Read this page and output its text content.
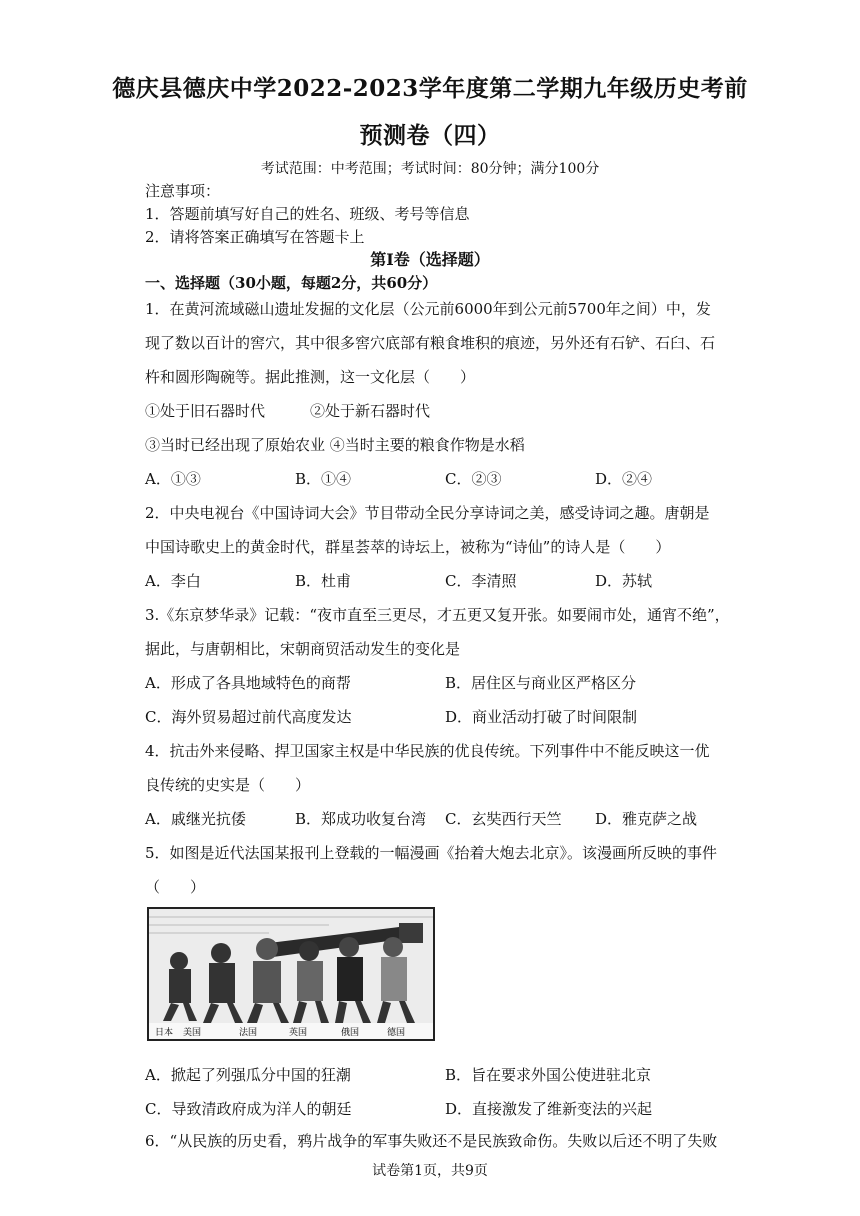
德庆县德庆中学2022-2023学年度第二学期九年级历史考前
预测卷（四）
考试范围：中考范围；考试时间：80分钟；满分100分
注意事项：
1．答题前填写好自己的姓名、班级、考号等信息
2．请将答案正确填写在答题卡上
第I卷（选择题）
一、选择题（30小题，每题2分，共60分）
1．在黄河流域磁山遗址发掘的文化层（公元前6000年到公元前5700年之间）中，发
现了数以百计的窖穴，其中很多窖穴底部有粮食堆积的痕迹，另外还有石铲、石臼、石
杵和圆形陶碗等。据此推测，这一文化层（　　）
①处于旧石器时代	②处于新石器时代
③当时已经出现了原始农业 ④当时主要的粮食作物是水稻
A．①③	B．①④	C．②③	D．②④
2．中央电视台《中国诗词大会》节目带动全民分享诗词之美，感受诗词之趣。唐朝是
中国诗歌史上的黄金时代，群星荟萃的诗坛上，被称为“诗仙”的诗人是（　　）
A．李白	B．杜甫	C．李清照	D．苏轼
3.《东京梦华录》记载：“夜市直至三更尽，才五更又复开张。如要闹市处，通宵不绝”，
据此，与唐朝相比，宋朝商贸活动发生的变化是
A．形成了各具地域特色的商帮	B．居住区与商业区严格区分
C．海外贸易超过前代高度发达	D．商业活动打破了时间限制
4．抗击外来侵略、捍卫国家主权是中华民族的优良传统。下列事件中不能反映这一优
良传统的史实是（　　）
A．戚继光抗倭	B．郑成功收复台湾 C．玄奘西行天竺 D．雅克萨之战
5．如图是近代法国某报刊上登载的一幅漫画《抬着大炮去北京》。该漫画所反映的事件
（　　）
日本 美国	法国	英国	俄国	德国
A．掀起了列强瓜分中国的狂潮	B．旨在要求外国公使进驻北京
C．导致清政府成为洋人的朝廷	D．直接激发了维新变法的兴起
6．“从民族的历史看，鸦片战争的军事失败还不是民族致命伤。失败以后还不明了失败
试卷第1页，共9页
